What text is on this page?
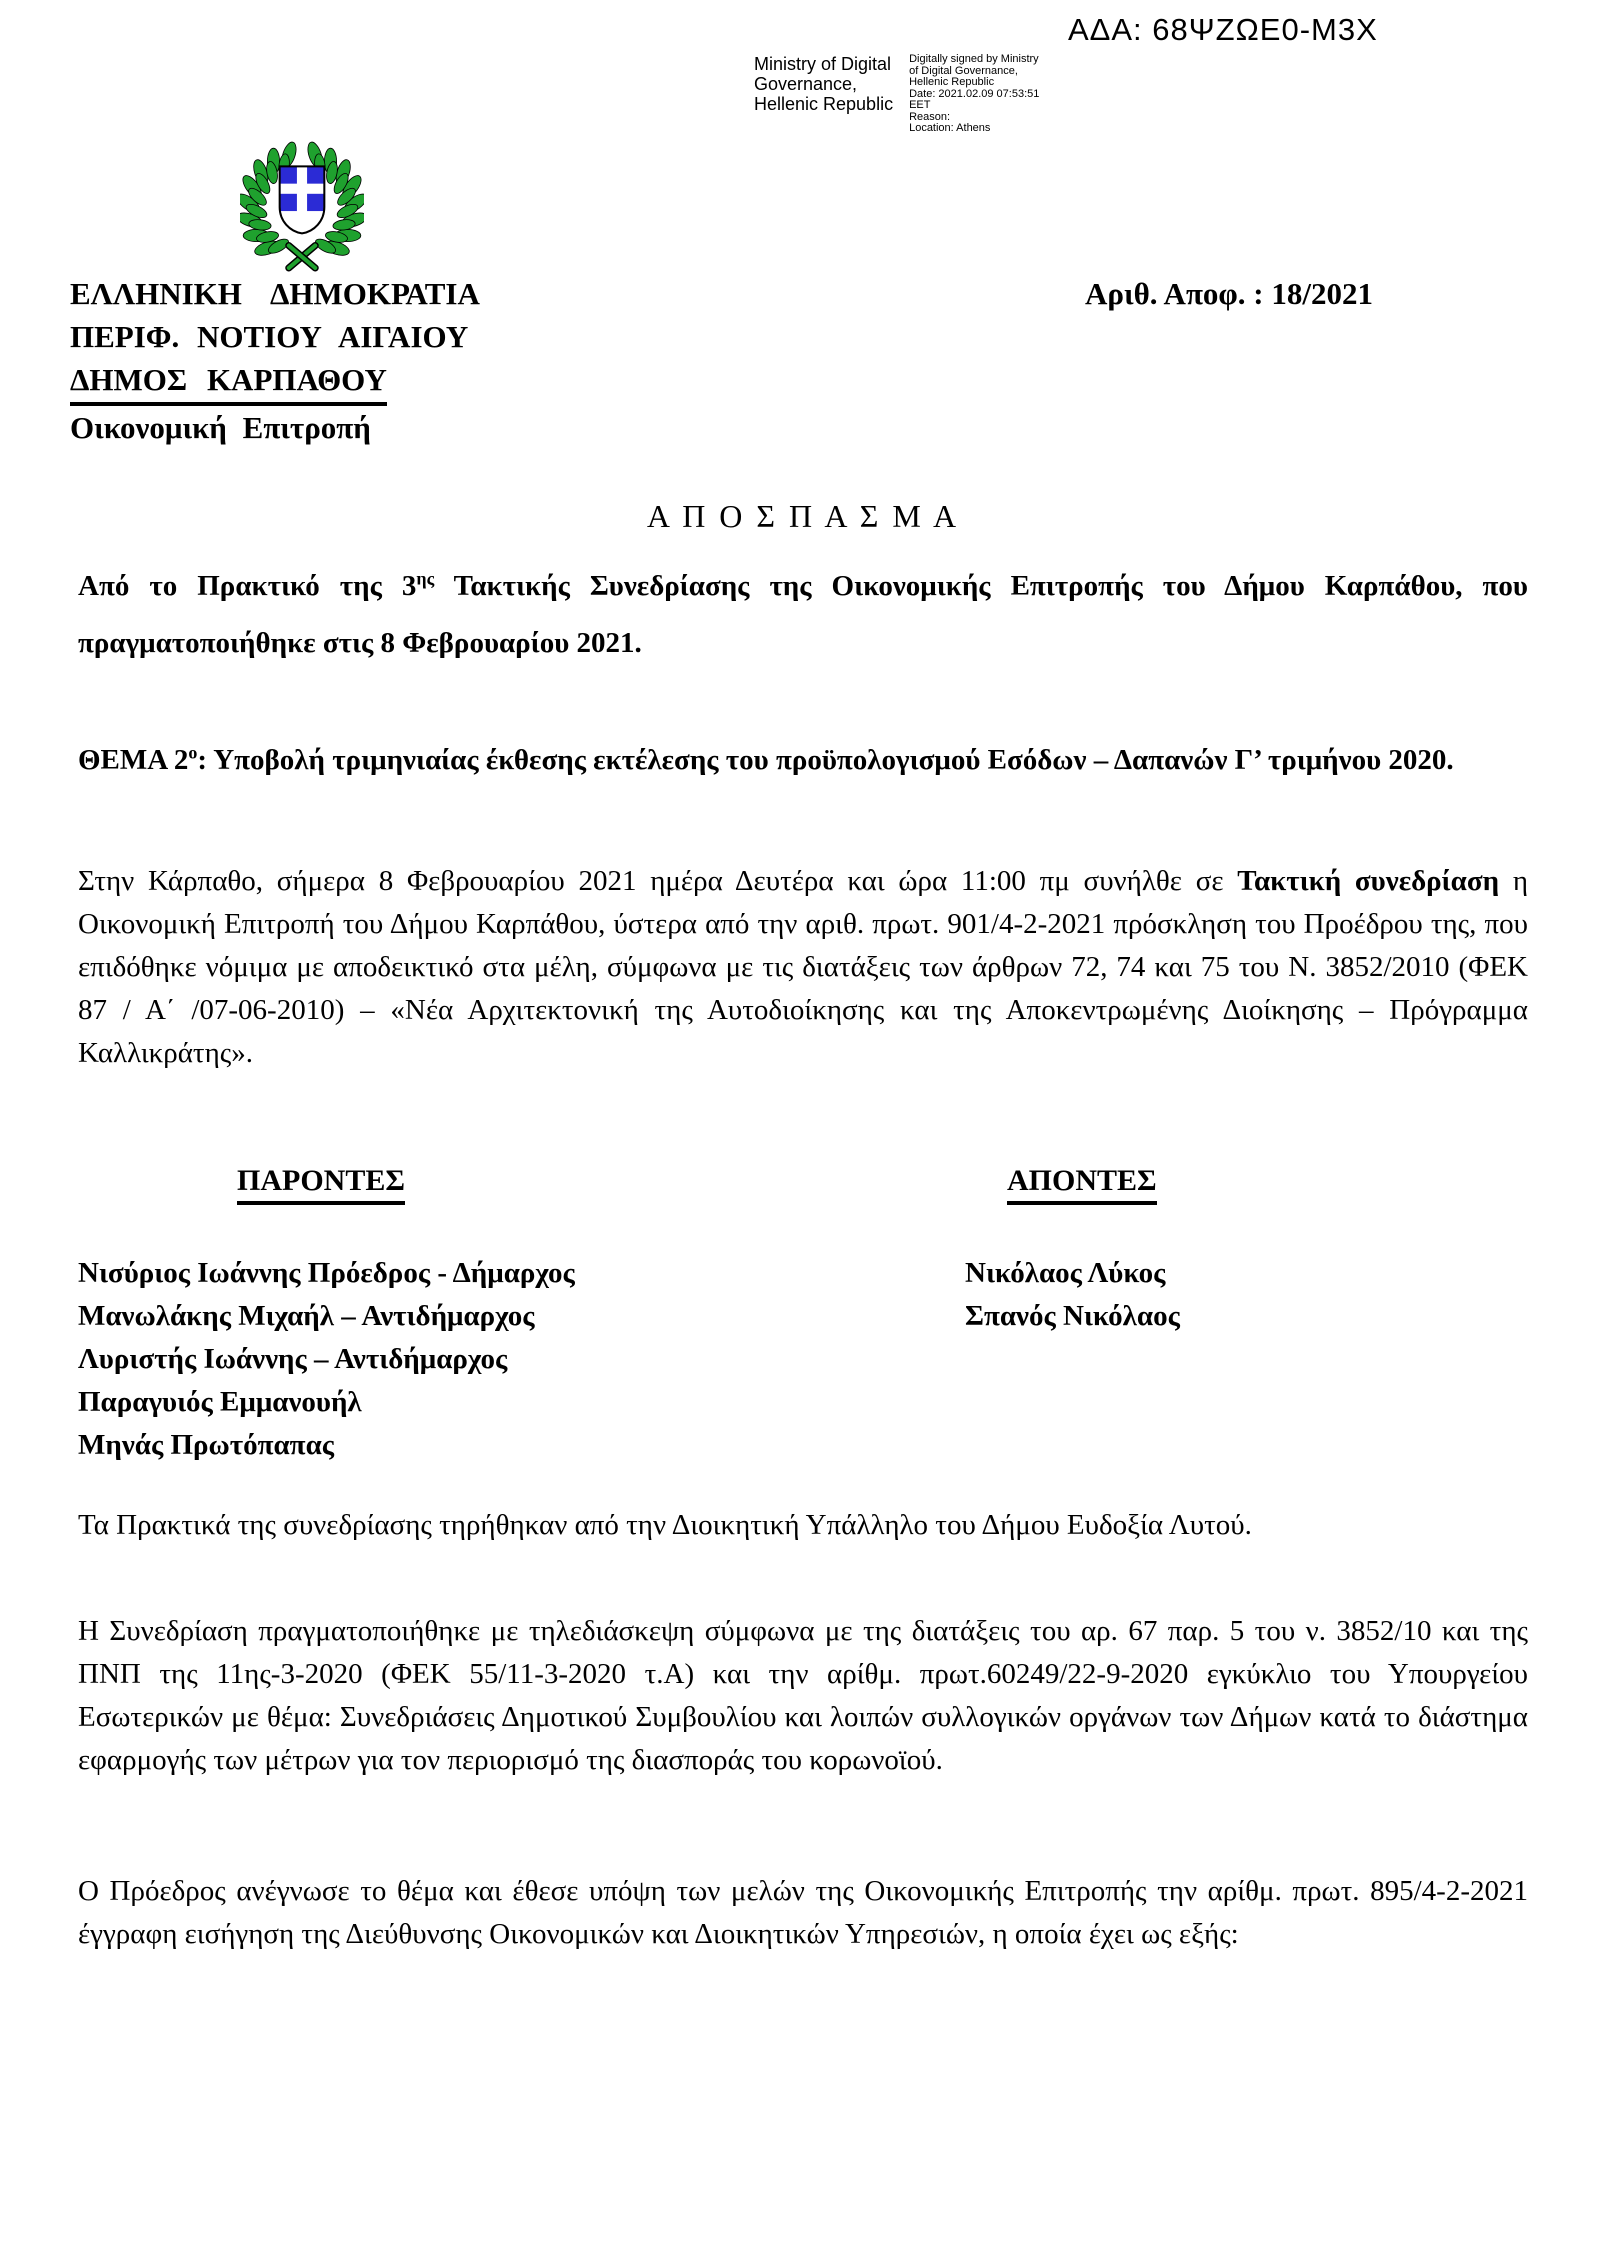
ΑΔΑ: 68ΨΖΩΕ0-Μ3Χ
Ministry of Digital
Governance,
Hellenic Republic
Digitally signed by Ministry
of Digital Governance,
Hellenic Republic
Date: 2021.02.09 07:53:51
EET
Reason:
Location: Athens
ΕΛΛΗΝΙΚΗ ΔΗΜΟΚΡΑΤΙΑ
ΠΕΡΙΦ. ΝΟΤΙΟΥ ΑΙΓΑΙΟΥ
ΔΗΜΟΣ ΚΑΡΠΑΘΟΥ
Οικονομική Επιτροπή
Αριθ. Αποφ. : 18/2021
Α Π Ο Σ Π Α Σ Μ Α
Από το Πρακτικό της $3^{\eta\varsigma}$ Τακτικής Συνεδρίασης της Οικονομικής Επιτροπής του Δήμου Καρπάθου, που πραγματοποιήθηκε στις 8 Φεβρουαρίου 2021.
ΘΕΜΑ $2^o$: Υποβολή τριμηνιαίας έκθεσης εκτέλεσης του προϋπολογισμού Εσόδων – Δαπανών Γ’ τριμήνου 2020.
Στην Κάρπαθο, σήμερα 8 Φεβρουαρίου 2021 ημέρα Δευτέρα και ώρα 11:00 πμ συνήλθε σε Τακτική συνεδρίαση η Οικονομική Επιτροπή του Δήμου Καρπάθου, ύστερα από την αριθ. πρωτ. 901/4-2-2021 πρόσκληση του Προέδρου της, που επιδόθηκε νόμιμα με αποδεικτικό στα μέλη, σύμφωνα με τις διατάξεις των άρθρων 72, 74 και 75 του Ν. 3852/2010 (ΦΕΚ 87 / Α΄ /07-06-2010) – «Νέα Αρχιτεκτονική της Αυτοδιοίκησης και της Αποκεντρωμένης Διοίκησης – Πρόγραμμα Καλλικράτης».
ΠΑΡΟΝΤΕΣ	ΑΠΟΝΤΕΣ
Νισύριος Ιωάννης Πρόεδρος - Δήμαρχος
Μανωλάκης Μιχαήλ – Αντιδήμαρχος
Λυριστής Ιωάννης – Αντιδήμαρχος
Παραγυιός Εμμανουήλ
Μηνάς Πρωτόπαπας
Νικόλαος Λύκος
Σπανός Νικόλαος
Τα Πρακτικά της συνεδρίασης τηρήθηκαν από την Διοικητική Υπάλληλο του Δήμου Ευδοξία Λυτού.
Η Συνεδρίαση πραγματοποιήθηκε με τηλεδιάσκεψη σύμφωνα με της διατάξεις του αρ. 67 παρ. 5 του ν. 3852/10 και της ΠΝΠ της 11ης-3-2020 (ΦΕΚ 55/11-3-2020 τ.Α) και την αρίθμ. πρωτ.60249/22-9-2020 εγκύκλιο του Υπουργείου Εσωτερικών με θέμα: Συνεδριάσεις Δημοτικού Συμβουλίου και λοιπών συλλογικών οργάνων των Δήμων κατά το διάστημα εφαρμογής των μέτρων για τον περιορισμό της διασποράς του κορωνοϊού.
Ο Πρόεδρος ανέγνωσε το θέμα και έθεσε υπόψη των μελών της Οικονομικής Επιτροπής την αρίθμ. πρωτ. 895/4-2-2021 έγγραφη εισήγηση της Διεύθυνσης Οικονομικών και Διοικητικών Υπηρεσιών, η οποία έχει ως εξής:
